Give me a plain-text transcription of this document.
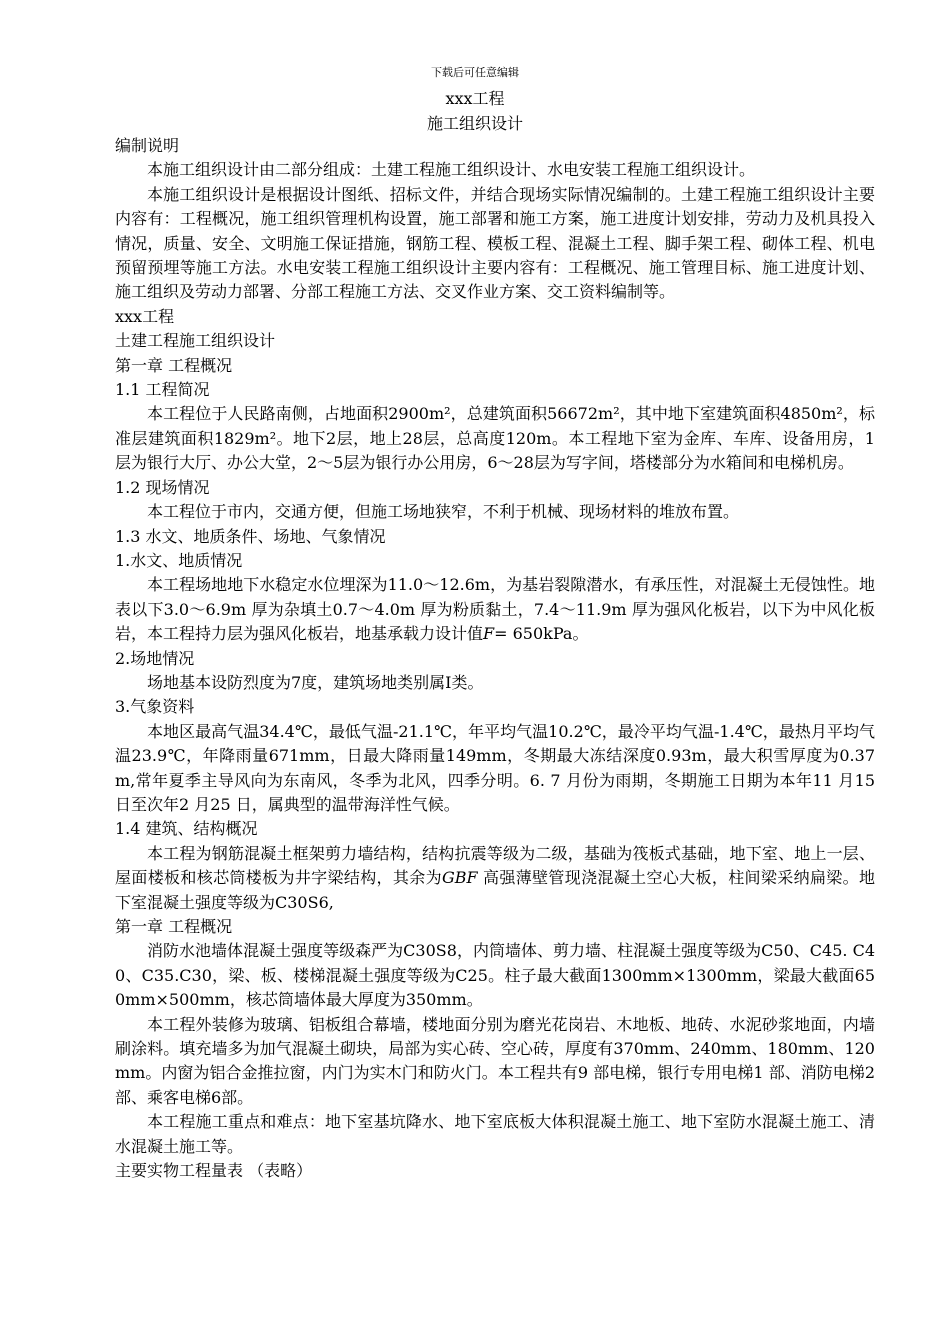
下载后可任意编辑
xxx工程
施工组织设计

编制说明

本施工组织设计由二部分组成：土建工程施工组织设计、水电安装工程施工组织设计。

本施工组织设计是根据设计图纸、招标文件，并结合现场实际情况编制的。土建工程施工组织设计主要内容有：工程概况，施工组织管理机构设置，施工部署和施工方案，施工进度计划安排，劳动力及机具投入情况，质量、安全、文明施工保证措施，钢筋工程、模板工程、混凝土工程、脚手架工程、砌体工程、机电预留预埋等施工方法。水电安装工程施工组织设计主要内容有：工程概况、施工管理目标、施工进度计划、施工组织及劳动力部署、分部工程施工方法、交叉作业方案、交工资料编制等。

xxx工程

土建工程施工组织设计

第一章 工程概况

1.1 工程简况

本工程位于人民路南侧，占地面积2900m²，总建筑面积56672m²，其中地下室建筑面积4850m²，标准层建筑面积1829m²。地下2层，地上28层，总高度120m。本工程地下室为金库、车库、设备用房，1 层为银行大厅、办公大堂，2～5层为银行办公用房，6～28层为写字间，塔楼部分为水箱间和电梯机房。

1.2 现场情况

本工程位于市内，交通方便，但施工场地狭窄，不利于机械、现场材料的堆放布置。

1.3 水文、地质条件、场地、气象情况

1.水文、地质情况

本工程场地地下水稳定水位埋深为11.0～12.6m，为基岩裂隙潜水，有承压性，对混凝土无侵蚀性。地表以下3.0～6.9m 厚为杂填土0.7～4.0m 厚为粉质黏土，7.4～11.9m 厚为强风化板岩，以下为中风化板岩，本工程持力层为强风化板岩，地基承载力设计值F= 650kPa。

2.场地情况

场地基本设防烈度为7度，建筑场地类别属Ⅰ类。

3.气象资料

本地区最高气温34.4℃，最低气温-21.1℃，年平均气温10.2℃，最冷平均气温-1.4℃，最热月平均气温23.9℃，年降雨量671mm，日最大降雨量149mm，冬期最大冻结深度0.93m，最大积雪厚度为0.37m,常年夏季主导风向为东南风，冬季为北风，四季分明。6. 7 月份为雨期，冬期施工日期为本年11 月15 日至次年2 月25 日，属典型的温带海洋性气候。

1.4 建筑、结构概况

本工程为钢筋混凝土框架剪力墙结构，结构抗震等级为二级，基础为筏板式基础，地下室、地上一层、屋面楼板和核芯筒楼板为井字梁结构，其余为GBF 高强薄壁管现浇混凝土空心大板，柱间梁采纳扁梁。地下室混凝土强度等级为C30S6,

第一章 工程概况

消防水池墙体混凝土强度等级森严为C30S8，内筒墙体、剪力墙、柱混凝土强度等级为C50、C45. C40、C35.C30，梁、板、楼梯混凝土强度等级为C25。柱子最大截面1300mm×1300mm，梁最大截面650mm×500mm，核芯筒墙体最大厚度为350mm。

本工程外装修为玻璃、铝板组合幕墙，楼地面分别为磨光花岗岩、木地板、地砖、水泥砂浆地面，内墙刷涂料。填充墙多为加气混凝土砌块，局部为实心砖、空心砖，厚度有370mm、240mm、180mm、120mm。内窗为铝合金推拉窗，内门为实木门和防火门。本工程共有9 部电梯，银行专用电梯1 部、消防电梯2 部、乘客电梯6部。

本工程施工重点和难点：地下室基坑降水、地下室底板大体积混凝土施工、地下室防水混凝土施工、清水混凝土施工等。

主要实物工程量表 （表略）
